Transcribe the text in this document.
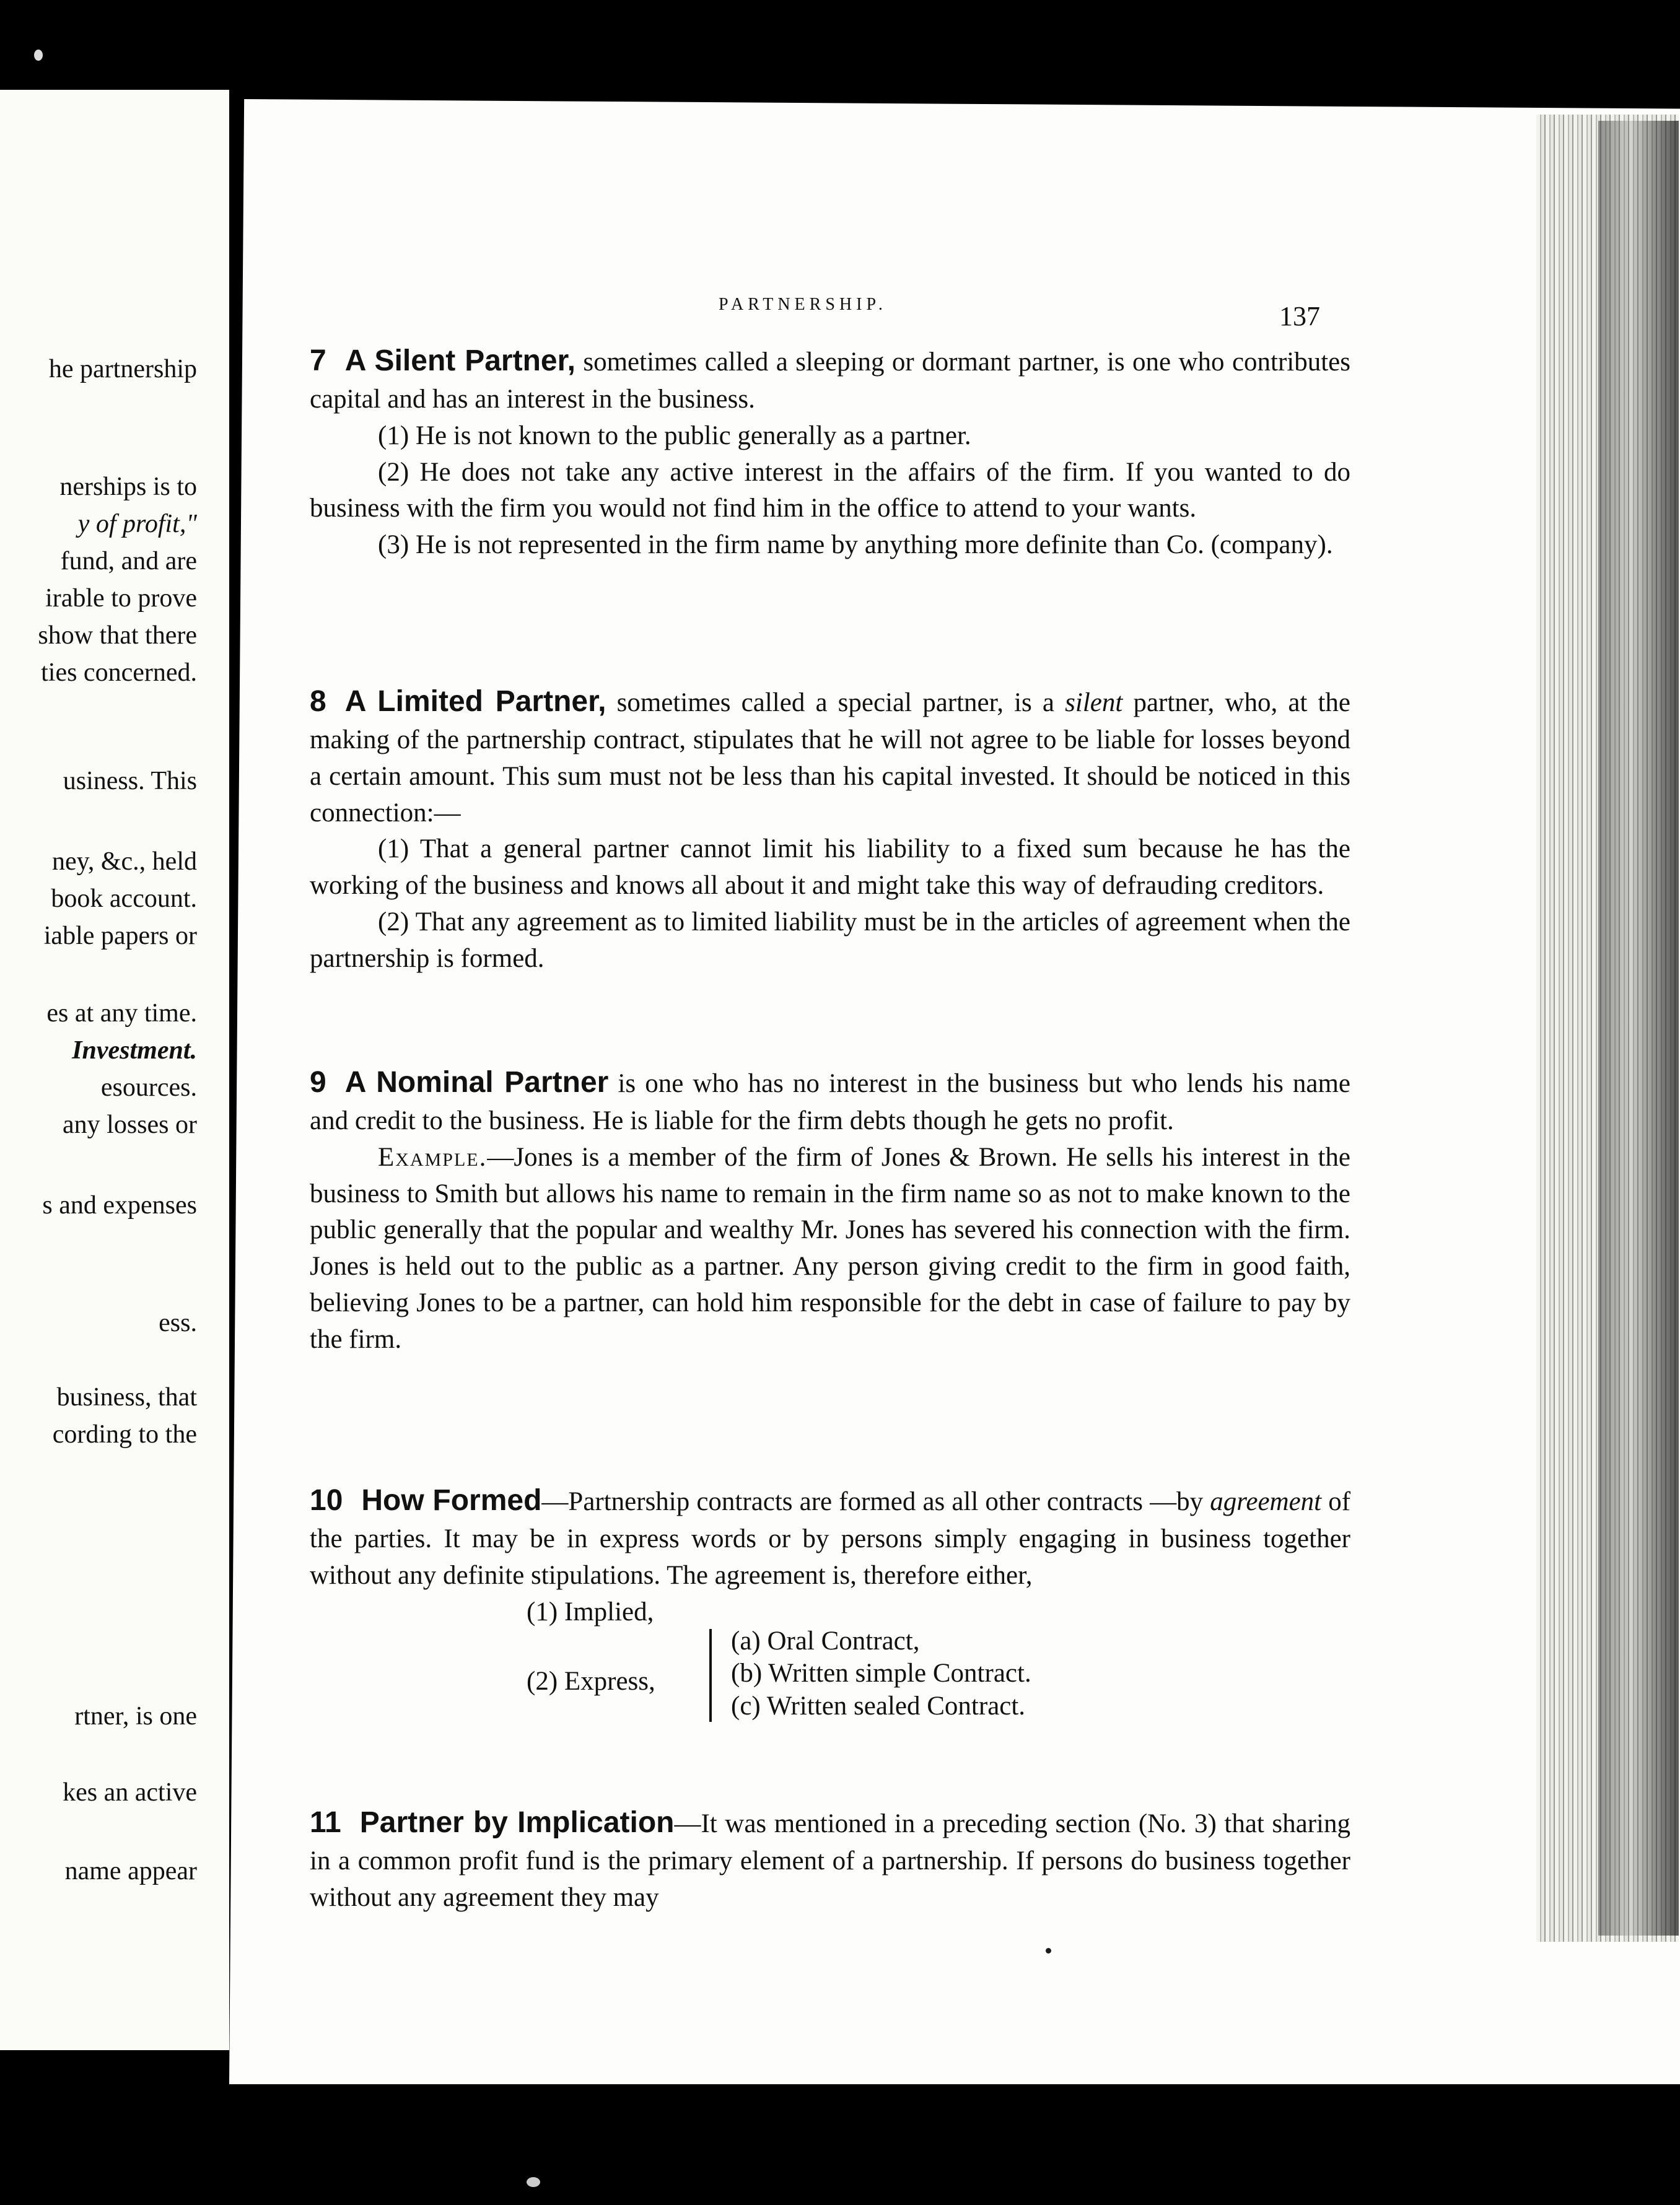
he partnership
nerships is to
y of profit,"
fund, and are
irable to prove
show that there
ties concerned.
usiness. This
ney, &c., held
book account.
iable papers or
es at any time.
Investment.
esources.
any losses or
s and expenses
ess.
business, that
cording to the
rtner, is one
kes an active
name appear
PARTNERSHIP.	137

7 A Silent Partner, sometimes called a sleeping or dormant partner, is one who contributes capital and has an interest in the business.

(1) He is not known to the public generally as a partner.

(2) He does not take any active interest in the affairs of the firm. If you wanted to do business with the firm you would not find him in the office to attend to your wants.

(3) He is not represented in the firm name by anything more definite than Co. (company).

8 A Limited Partner, sometimes called a special partner, is a silent partner, who, at the making of the partnership contract, stipulates that he will not agree to be liable for losses beyond a certain amount. This sum must not be less than his capital invested. It should be noticed in this connection:—

(1) That a general partner cannot limit his liability to a fixed sum because he has the working of the business and knows all about it and might take this way of defrauding creditors.

(2) That any agreement as to limited liability must be in the articles of agreement when the partnership is formed.

9 A Nominal Partner is one who has no interest in the business but who lends his name and credit to the business. He is liable for the firm debts though he gets no profit.

Example.—Jones is a member of the firm of Jones & Brown. He sells his interest in the business to Smith but allows his name to remain in the firm name so as not to make known to the public generally that the popular and wealthy Mr. Jones has severed his connection with the firm. Jones is held out to the public as a partner. Any person giving credit to the firm in good faith, believing Jones to be a partner, can hold him responsible for the debt in case of failure to pay by the firm.

10 How Formed—Partnership contracts are formed as all other contracts —by agreement of the parties. It may be in express words or by persons simply engaging in business together without any definite stipulations. The agreement is, therefore either,

(1) Implied,
(2) Express,
(a) Oral Contract,
(b) Written simple Contract.
(c) Written sealed Contract.

11 Partner by Implication—It was mentioned in a preceding section (No. 3) that sharing in a common profit fund is the primary element of a partnership. If persons do business together without any agreement they may
